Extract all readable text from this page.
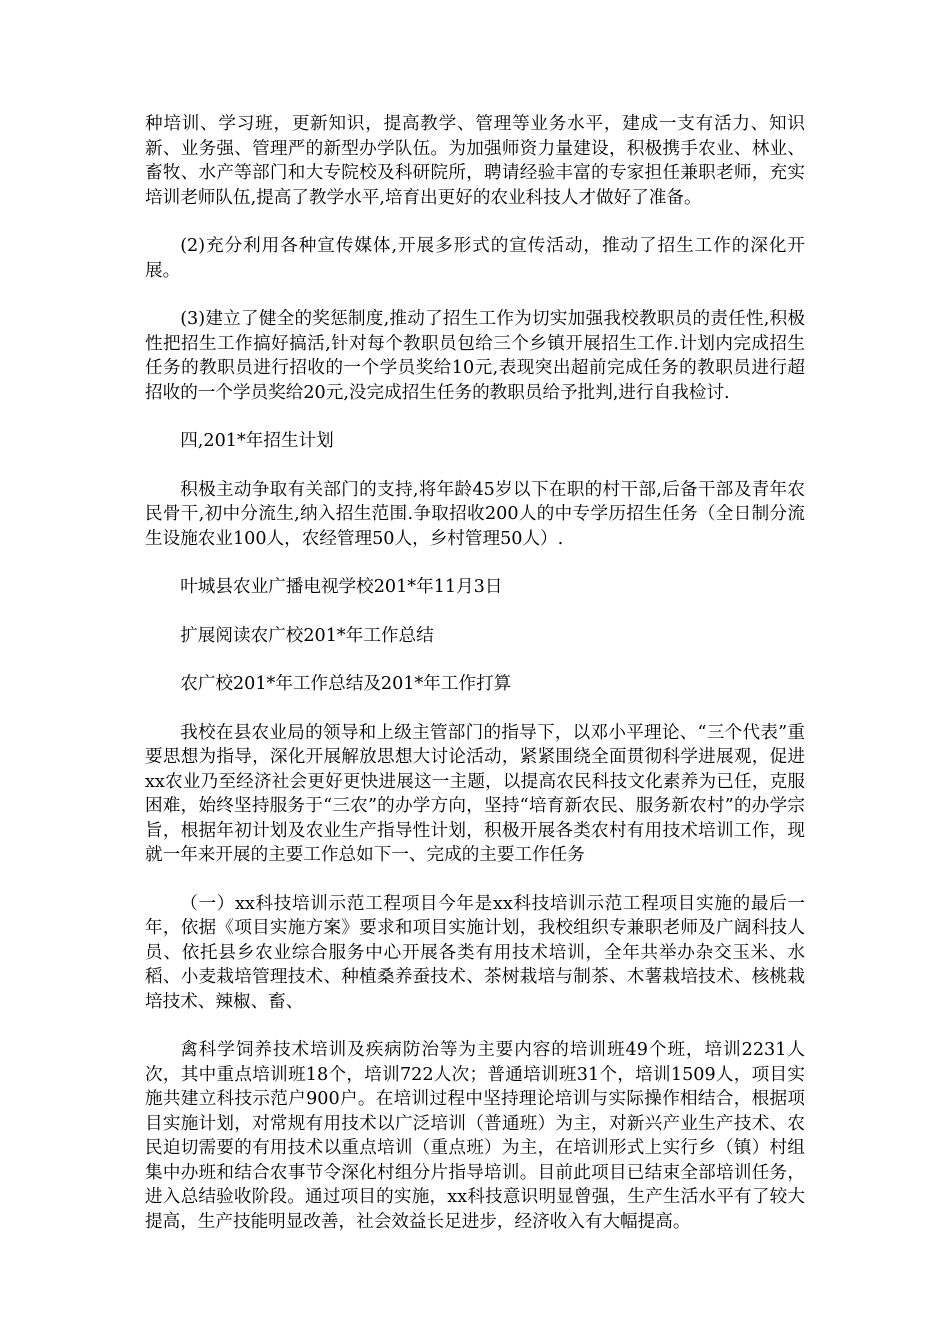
种培训、学习班，更新知识，提高教学、管理等业务水平，建成一支有活力、知识新、业务强、管理严的新型办学队伍。为加强师资力量建设，积极携手农业、林业、畜牧、水产等部门和大专院校及科研院所，聘请经验丰富的专家担任兼职老师，充实培训老师队伍,提高了教学水平,培育出更好的农业科技人才做好了准备。

(2)充分利用各种宣传媒体,开展多形式的宣传活动，推动了招生工作的深化开展。

(3)建立了健全的奖惩制度,推动了招生工作为切实加强我校教职员的责任性,积极性把招生工作搞好搞活,针对每个教职员包给三个乡镇开展招生工作.计划内完成招生任务的教职员进行招收的一个学员奖给10元,表现突出超前完成任务的教职员进行超招收的一个学员奖给20元,没完成招生任务的教职员给予批判,进行自我检讨.

四,201*年招生计划

积极主动争取有关部门的支持,将年龄45岁以下在职的村干部,后备干部及青年农民骨干,初中分流生,纳入招生范围.争取招收200人的中专学历招生任务（全日制分流生设施农业100人，农经管理50人，乡村管理50人）.

叶城县农业广播电视学校201*年11月3日

扩展阅读农广校201*年工作总结

农广校201*年工作总结及201*年工作打算

我校在县农业局的领导和上级主管部门的指导下，以邓小平理论、“三个代表”重要思想为指导，深化开展解放思想大讨论活动，紧紧围绕全面贯彻科学进展观，促进xx农业乃至经济社会更好更快进展这一主题，以提高农民科技文化素养为已任，克服困难，始终坚持服务于“三农”的办学方向，坚持“培育新农民、服务新农村”的办学宗旨，根据年初计划及农业生产指导性计划，积极开展各类农村有用技术培训工作，现就一年来开展的主要工作总如下一、完成的主要工作任务

（一）xx科技培训示范工程项目今年是xx科技培训示范工程项目实施的最后一年，依据《项目实施方案》要求和项目实施计划，我校组织专兼职老师及广阔科技人员、依托县乡农业综合服务中心开展各类有用技术培训，全年共举办杂交玉米、水稻、小麦栽培管理技术、种植桑养蚕技术、茶树栽培与制茶、木薯栽培技术、核桃栽培技术、辣椒、畜、

禽科学饲养技术培训及疾病防治等为主要内容的培训班49个班，培训2231人次，其中重点培训班18个，培训722人次；普通培训班31个，培训1509人，项目实施共建立科技示范户900户。在培训过程中坚持理论培训与实际操作相结合，根据项目实施计划，对常规有用技术以广泛培训（普通班）为主，对新兴产业生产技术、农民迫切需要的有用技术以重点培训（重点班）为主，在培训形式上实行乡（镇）村组集中办班和结合农事节令深化村组分片指导培训。目前此项目已结束全部培训任务，进入总结验收阶段。通过项目的实施，xx科技意识明显曾强，生产生活水平有了较大提高，生产技能明显改善，社会效益长足进步，经济收入有大幅提高。
